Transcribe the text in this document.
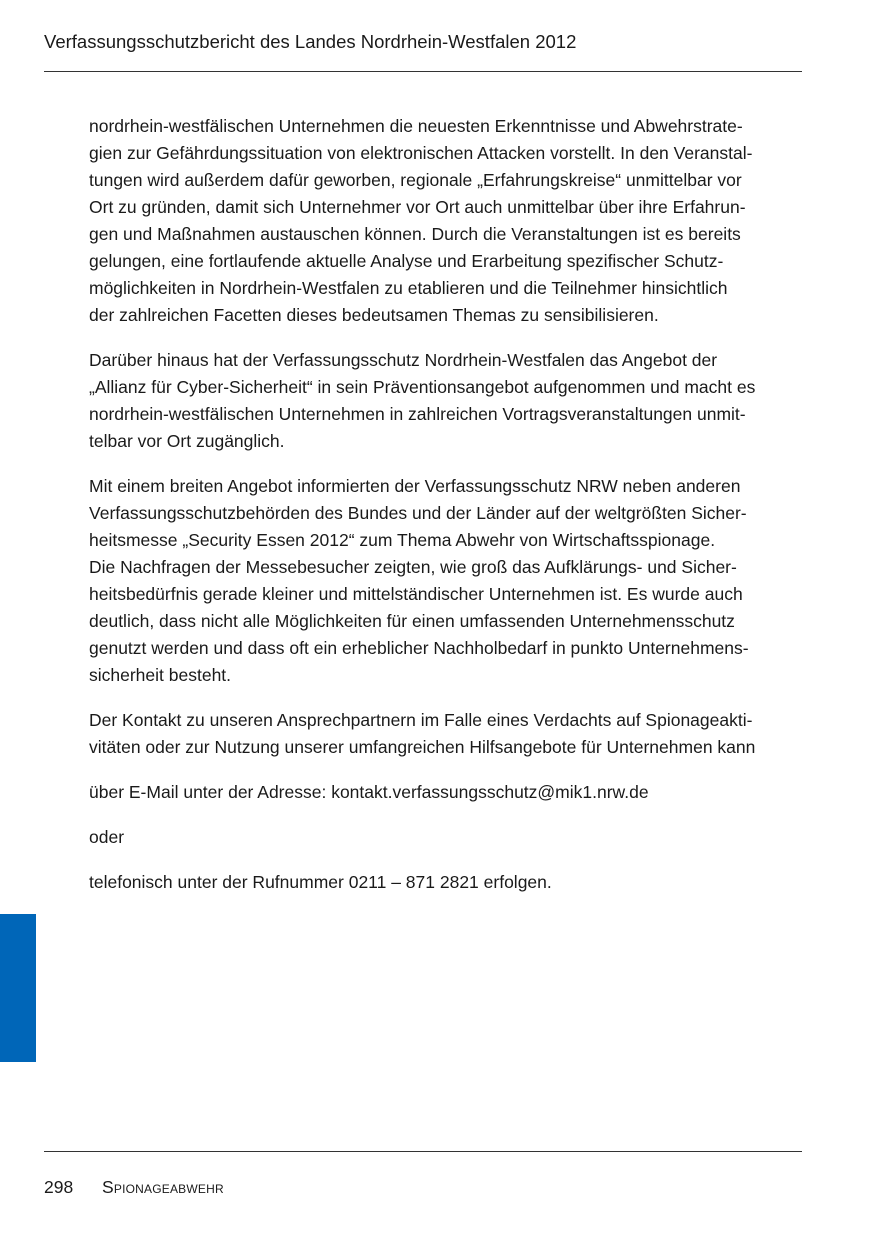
Verfassungsschutzbericht des Landes Nordrhein-Westfalen 2012

nordrhein-westfälischen Unternehmen die neuesten Erkenntnisse und Abwehrstrate-
gien zur Gefährdungssituation von elektronischen Attacken vorstellt. In den Veranstal-
tungen wird außerdem dafür geworben, regionale „Erfahrungskreise“ unmittelbar vor
Ort zu gründen, damit sich Unternehmer vor Ort auch unmittelbar über ihre Erfahrun-
gen und Maßnahmen austauschen können. Durch die Veranstaltungen ist es bereits
gelungen, eine fortlaufende aktuelle Analyse und Erarbeitung spezifischer Schutz-
möglichkeiten in Nordrhein-Westfalen zu etablieren und die Teilnehmer hinsichtlich
der zahlreichen Facetten dieses bedeutsamen Themas zu sensibilisieren.

Darüber hinaus hat der Verfassungsschutz Nordrhein-Westfalen das Angebot der
„Allianz für Cyber-Sicherheit“ in sein Präventionsangebot aufgenommen und macht es
nordrhein-westfälischen Unternehmen in zahlreichen Vortragsveranstaltungen unmit-
telbar vor Ort zugänglich.

Mit einem breiten Angebot informierten der Verfassungsschutz NRW neben anderen
Verfassungsschutzbehörden des Bundes und der Länder auf der weltgrößten Sicher-
heitsmesse „Security Essen 2012“ zum Thema Abwehr von Wirtschaftsspionage.
Die Nachfragen der Messebesucher zeigten, wie groß das Aufklärungs- und Sicher-
heitsbedürfnis gerade kleiner und mittelständischer Unternehmen ist. Es wurde auch
deutlich, dass nicht alle Möglichkeiten für einen umfassenden Unternehmensschutz
genutzt werden und dass oft ein erheblicher Nachholbedarf in punkto Unternehmens-
sicherheit besteht.

Der Kontakt zu unseren Ansprechpartnern im Falle eines Verdachts auf Spionageakti-
vitäten oder zur Nutzung unserer umfangreichen Hilfsangebote für Unternehmen kann

über E-Mail unter der Adresse: kontakt.verfassungsschutz@mik1.nrw.de

oder

telefonisch unter der Rufnummer 0211 – 871 2821 erfolgen.

298 Spionageabwehr
